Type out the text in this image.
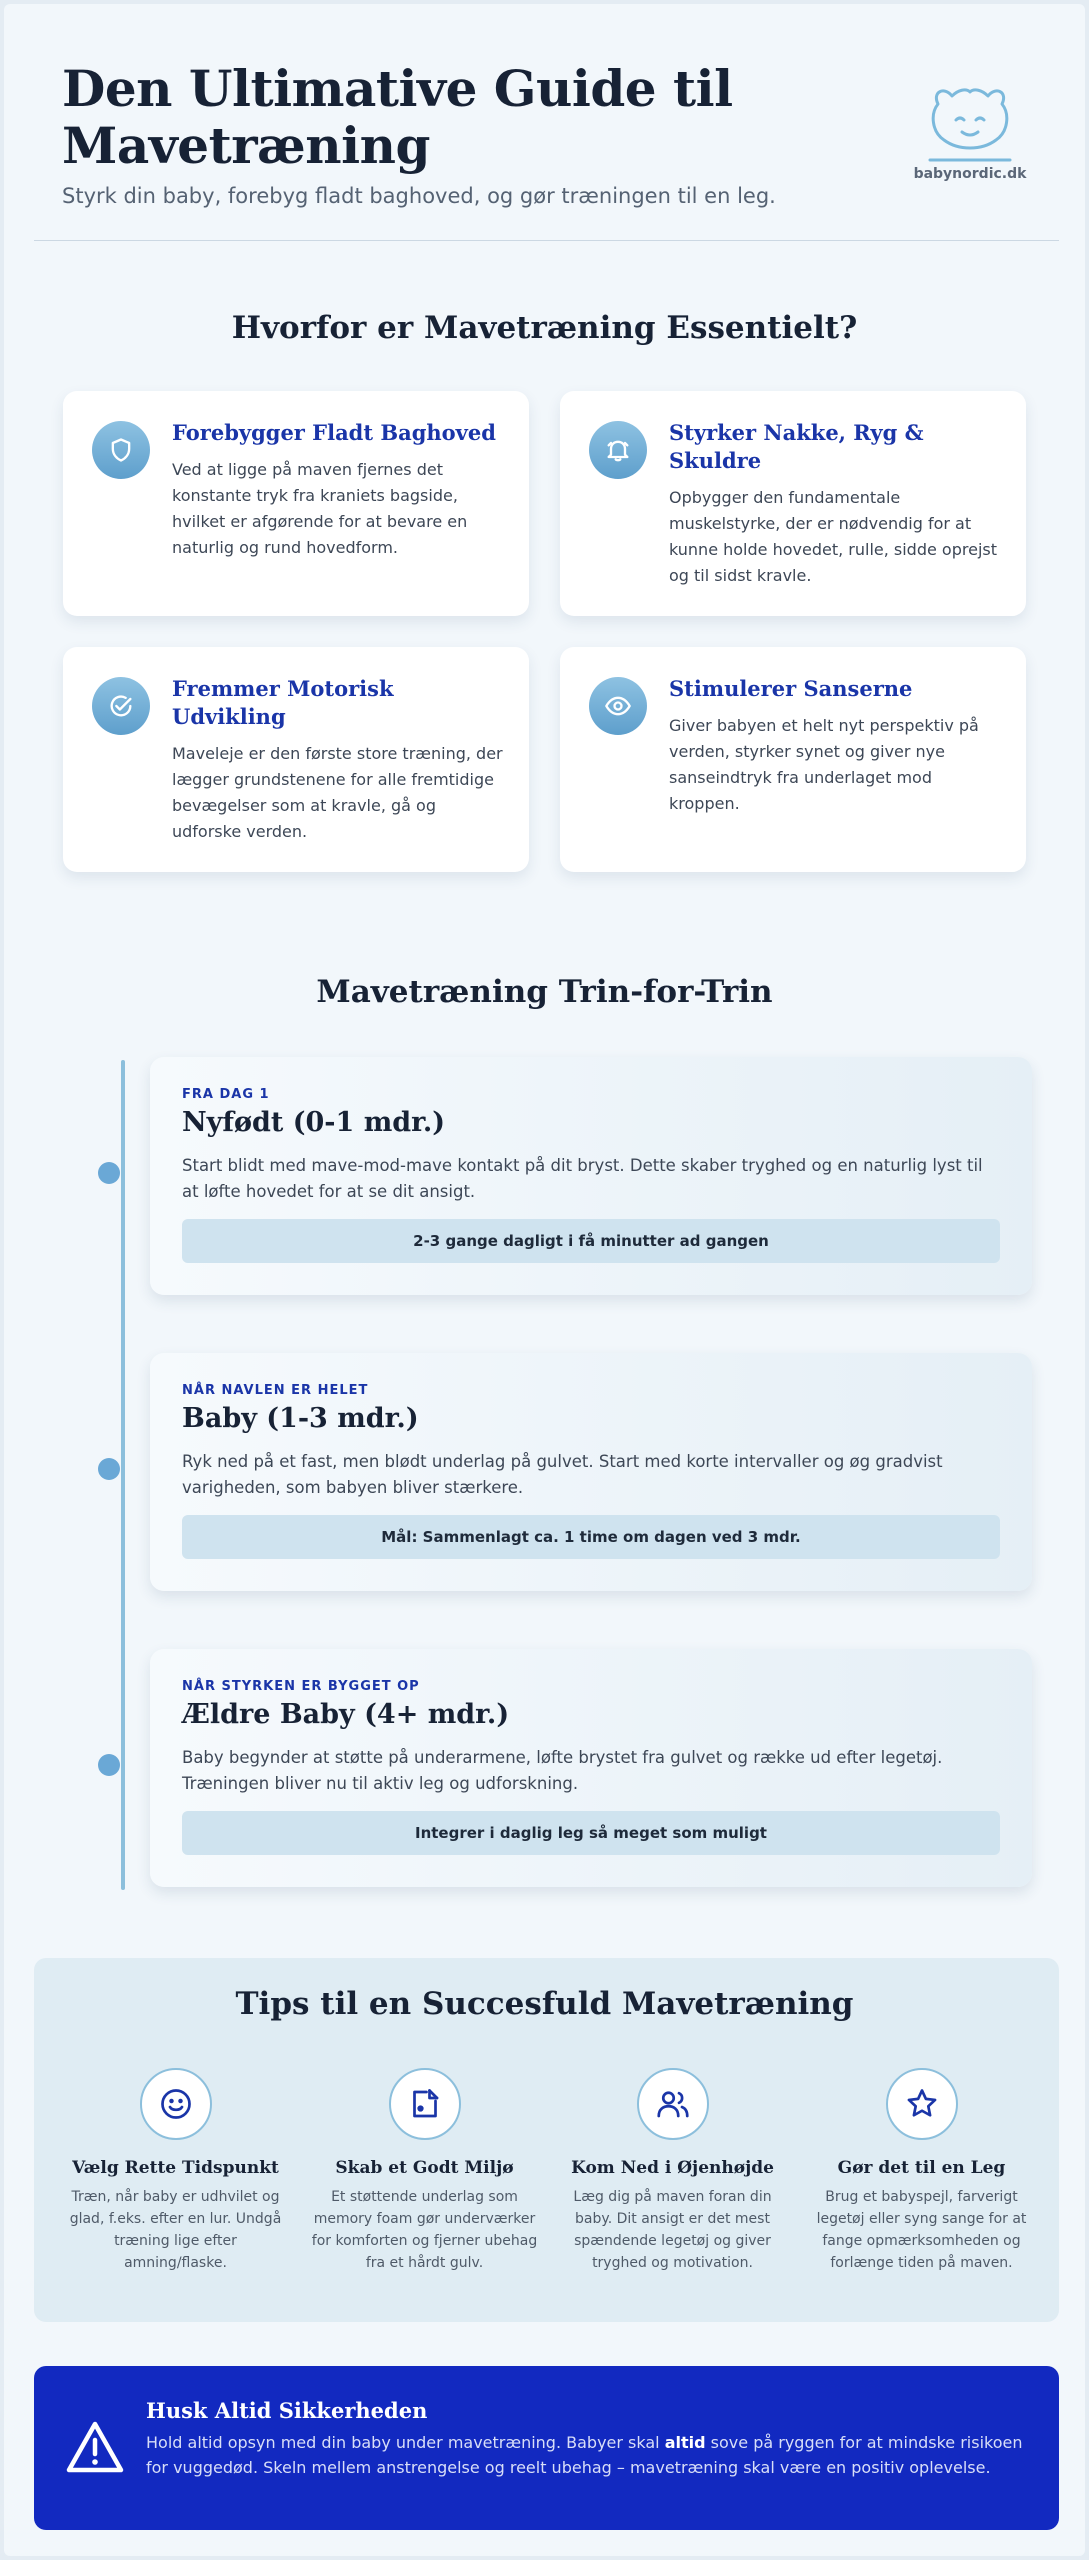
Den Ultimative Guide til
Mavetræning
Styrk din baby, forebyg fladt baghoved, og gør træningen til en leg.
babynordic.dk
Hvorfor er Mavetræning Essentielt?
Forebygger Fladt Baghoved
Ved at ligge på maven fjernes det konstante tryk fra kraniets bagside, hvilket er afgørende for at bevare en naturlig og rund hovedform.
Styrker Nakke, Ryg & Skuldre
Opbygger den fundamentale muskelstyrke, der er nødvendig for at kunne holde hovedet, rulle, sidde oprejst og til sidst kravle.
Fremmer Motorisk Udvikling
Maveleje er den første store træning, der lægger grundstenene for alle fremtidige bevægelser som at kravle, gå og udforske verden.
Stimulerer Sanserne
Giver babyen et helt nyt perspektiv på verden, styrker synet og giver nye sanseindtryk fra underlaget mod kroppen.
Mavetræning Trin-for-Trin
FRA DAG 1
Nyfødt (0-1 mdr.)
Start blidt med mave-mod-mave kontakt på dit bryst. Dette skaber tryghed og en naturlig lyst til at løfte hovedet for at se dit ansigt.
2-3 gange dagligt i få minutter ad gangen
NÅR NAVLEN ER HELET
Baby (1-3 mdr.)
Ryk ned på et fast, men blødt underlag på gulvet. Start med korte intervaller og øg gradvist varigheden, som babyen bliver stærkere.
Mål: Sammenlagt ca. 1 time om dagen ved 3 mdr.
NÅR STYRKEN ER BYGGET OP
Ældre Baby (4+ mdr.)
Baby begynder at støtte på underarmene, løfte brystet fra gulvet og række ud efter legetøj. Træningen bliver nu til aktiv leg og udforskning.
Integrer i daglig leg så meget som muligt
Tips til en Succesfuld Mavetræning
Vælg Rette Tidspunkt
Træn, når baby er udhvilet og glad, f.eks. efter en lur. Undgå træning lige efter amning/flaske.
Skab et Godt Miljø
Et støttende underlag som memory foam gør underværker for komforten og fjerner ubehag fra et hårdt gulv.
Kom Ned i Øjenhøjde
Læg dig på maven foran din baby. Dit ansigt er det mest spændende legetøj og giver tryghed og motivation.
Gør det til en Leg
Brug et babyspejl, farverigt legetøj eller syng sange for at fange opmærksomheden og forlænge tiden på maven.
Husk Altid Sikkerheden
Hold altid opsyn med din baby under mavetræning. Babyer skal altid sove på ryggen for at mindske risikoen for vuggedød. Skeln mellem anstrengelse og reelt ubehag – mavetræning skal være en positiv oplevelse.
